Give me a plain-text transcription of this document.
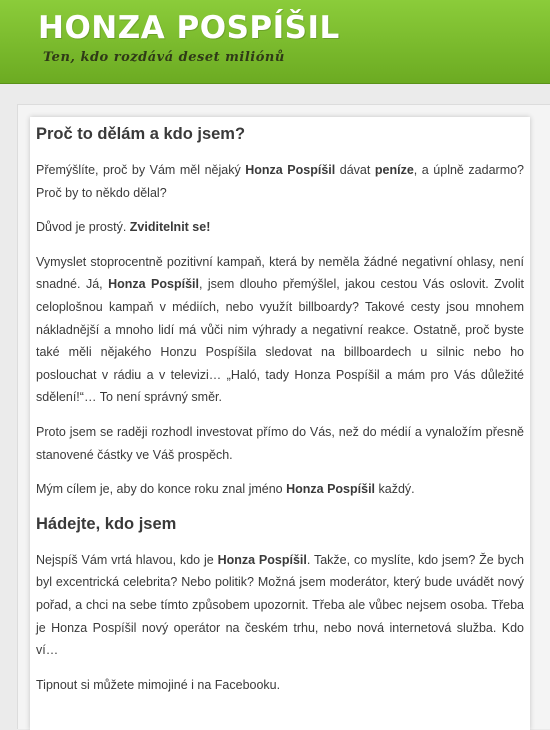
HONZA POSPÍŠIL
Ten, kdo rozdává deset miliónů
Proč to dělám a kdo jsem?

Přemýšlíte, proč by Vám měl nějaký Honza Pospíšil dávat peníze, a úplně zadarmo? Proč by to někdo dělal?

Důvod je prostý. Zviditelnit se!

Vymyslet stoprocentně pozitivní kampaň, která by neměla žádné negativní ohlasy, není snadné. Já, Honza Pospíšil, jsem dlouho přemýšlel, jakou cestou Vás oslovit. Zvolit celoplošnou kampaň v médiích, nebo využít billboardy? Takové cesty jsou mnohem nákladnější a mnoho lidí má vůči nim výhrady a negativní reakce. Ostatně, proč byste také měli nějakého Honzu Pospíšila sledovat na billboardech u silnic nebo ho poslouchat v rádiu a v televizi… „Haló, tady Honza Pospíšil a mám pro Vás důležité sdělení!“… To není správný směr.

Proto jsem se raději rozhodl investovat přímo do Vás, než do médií a vynaložím přesně stanovené částky ve Váš prospěch.

Mým cílem je, aby do konce roku znal jméno Honza Pospíšil každý.

Hádejte, kdo jsem

Nejspíš Vám vrtá hlavou, kdo je Honza Pospíšil. Takže, co myslíte, kdo jsem? Že bych byl excentrická celebrita? Nebo politik? Možná jsem moderátor, který bude uvádět nový pořad, a chci na sebe tímto způsobem upozornit. Třeba ale vůbec nejsem osoba. Třeba je Honza Pospíšil nový operátor na českém trhu, nebo nová internetová služba. Kdo ví…

Tipnout si můžete mimojiné i na Facebooku.
